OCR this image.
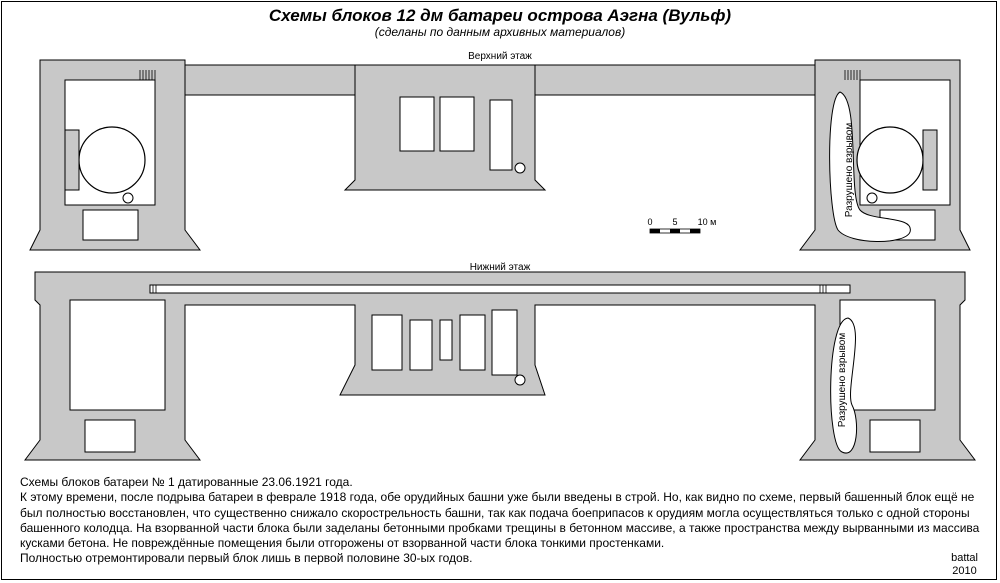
Схемы блоков 12 дм батареи острова Аэгна (Вульф)
(сделаны по данным архивных материалов)
Верхний этаж
Нижний этаж
Разрушено взрывом
Разрушено взрывом
0 5 10 м

Схемы блоков батареи № 1 датированные 23.06.1921 года.

К этому времени, после подрыва батареи в феврале 1918 года, обе орудийных башни уже были введены в строй. Но, как видно по схеме, первый башенный блок ещё не был полностью восстановлен, что существенно снижало скорострельность башни, так как подача боеприпасов к орудиям могла осуществляться только с одной стороны башенного колодца. На взорванной части блока были заделаны бетонными пробками трещины в бетонном массиве, а также пространства между вырванными из массива кусками бетона. Не повреждённые помещения были отгорожены от взорванной части блока тонкими простенками.

Полностью отремонтировали первый блок лишь в первой половине 30-ых годов.	battal
2010
